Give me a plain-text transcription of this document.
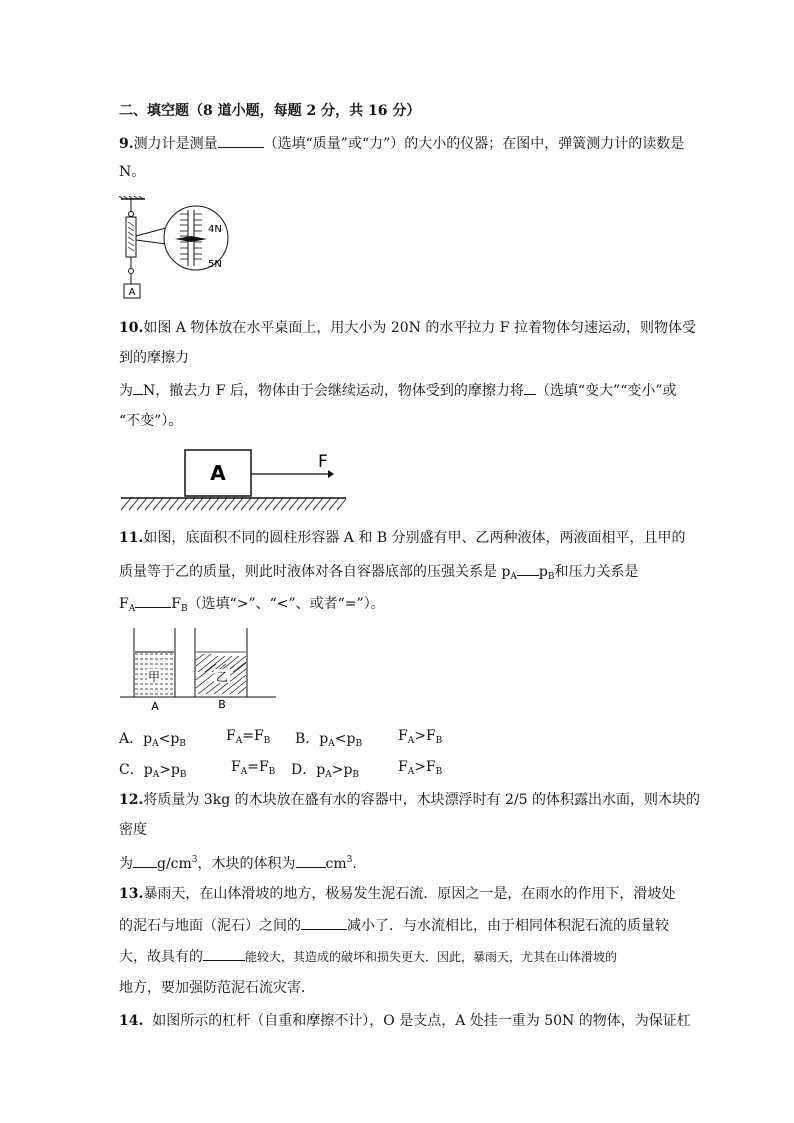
二、填空题（8 道小题，每题 2 分，共 16 分）
9.测力计是测量	（选填“质量”或“力”）的大小的仪器；在图中，弹簧测力计的读数是
N。
A
4N
5N
10.如图 A 物体放在水平桌面上，用大小为 20N 的水平拉力 F 拉着物体匀速运动，则物体受
到的摩擦力
为 N，撤去力 F 后，物体由于会继续运动，物体受到的摩擦力将 （选填“变大”“变小”或
“不变”）。
A	F
11.如图，底面积不同的圆柱形容器 A 和 B 分别盛有甲、乙两种液体，两液面相平，且甲的
质量等于乙的质量，则此时液体对各自容器底部的压强关系是 $p_A$ $p_B$和压力关系是
$F_A$	$F_B$（选填“>”、“<”、或者“=”）。
甲	乙
A	B
A．$p_A<p_B$	$F_A=F_B$ B．$p_A<p_B$	$F_A>F_B$
C．$p_A>p_B$	$F_A=F_B$ D．$p_A>p_B$	$F_A>F_B$
12.将质量为 3kg 的木块放在盛有水的容器中，木块漂浮时有 2/5 的体积露出水面，则木块的
密度
为 $g/cm^3$，木块的体积为 $cm^3$.
13.暴雨天，在山体滑坡的地方，极易发生泥石流．原因之一是，在雨水的作用下，滑坡处
的泥石与地面（泥石）之间的	减小了．与水流相比，由于相同体积泥石流的质量较
大，故具有的	能较大，其造成的破坏和损失更大．因此，暴雨天，尤其在山体滑坡的
地方，要加强防范泥石流灾害．
14. 如图所示的杠杆（自重和摩擦不计），O 是支点，A 处挂一重为 50N 的物体，为保证杠
